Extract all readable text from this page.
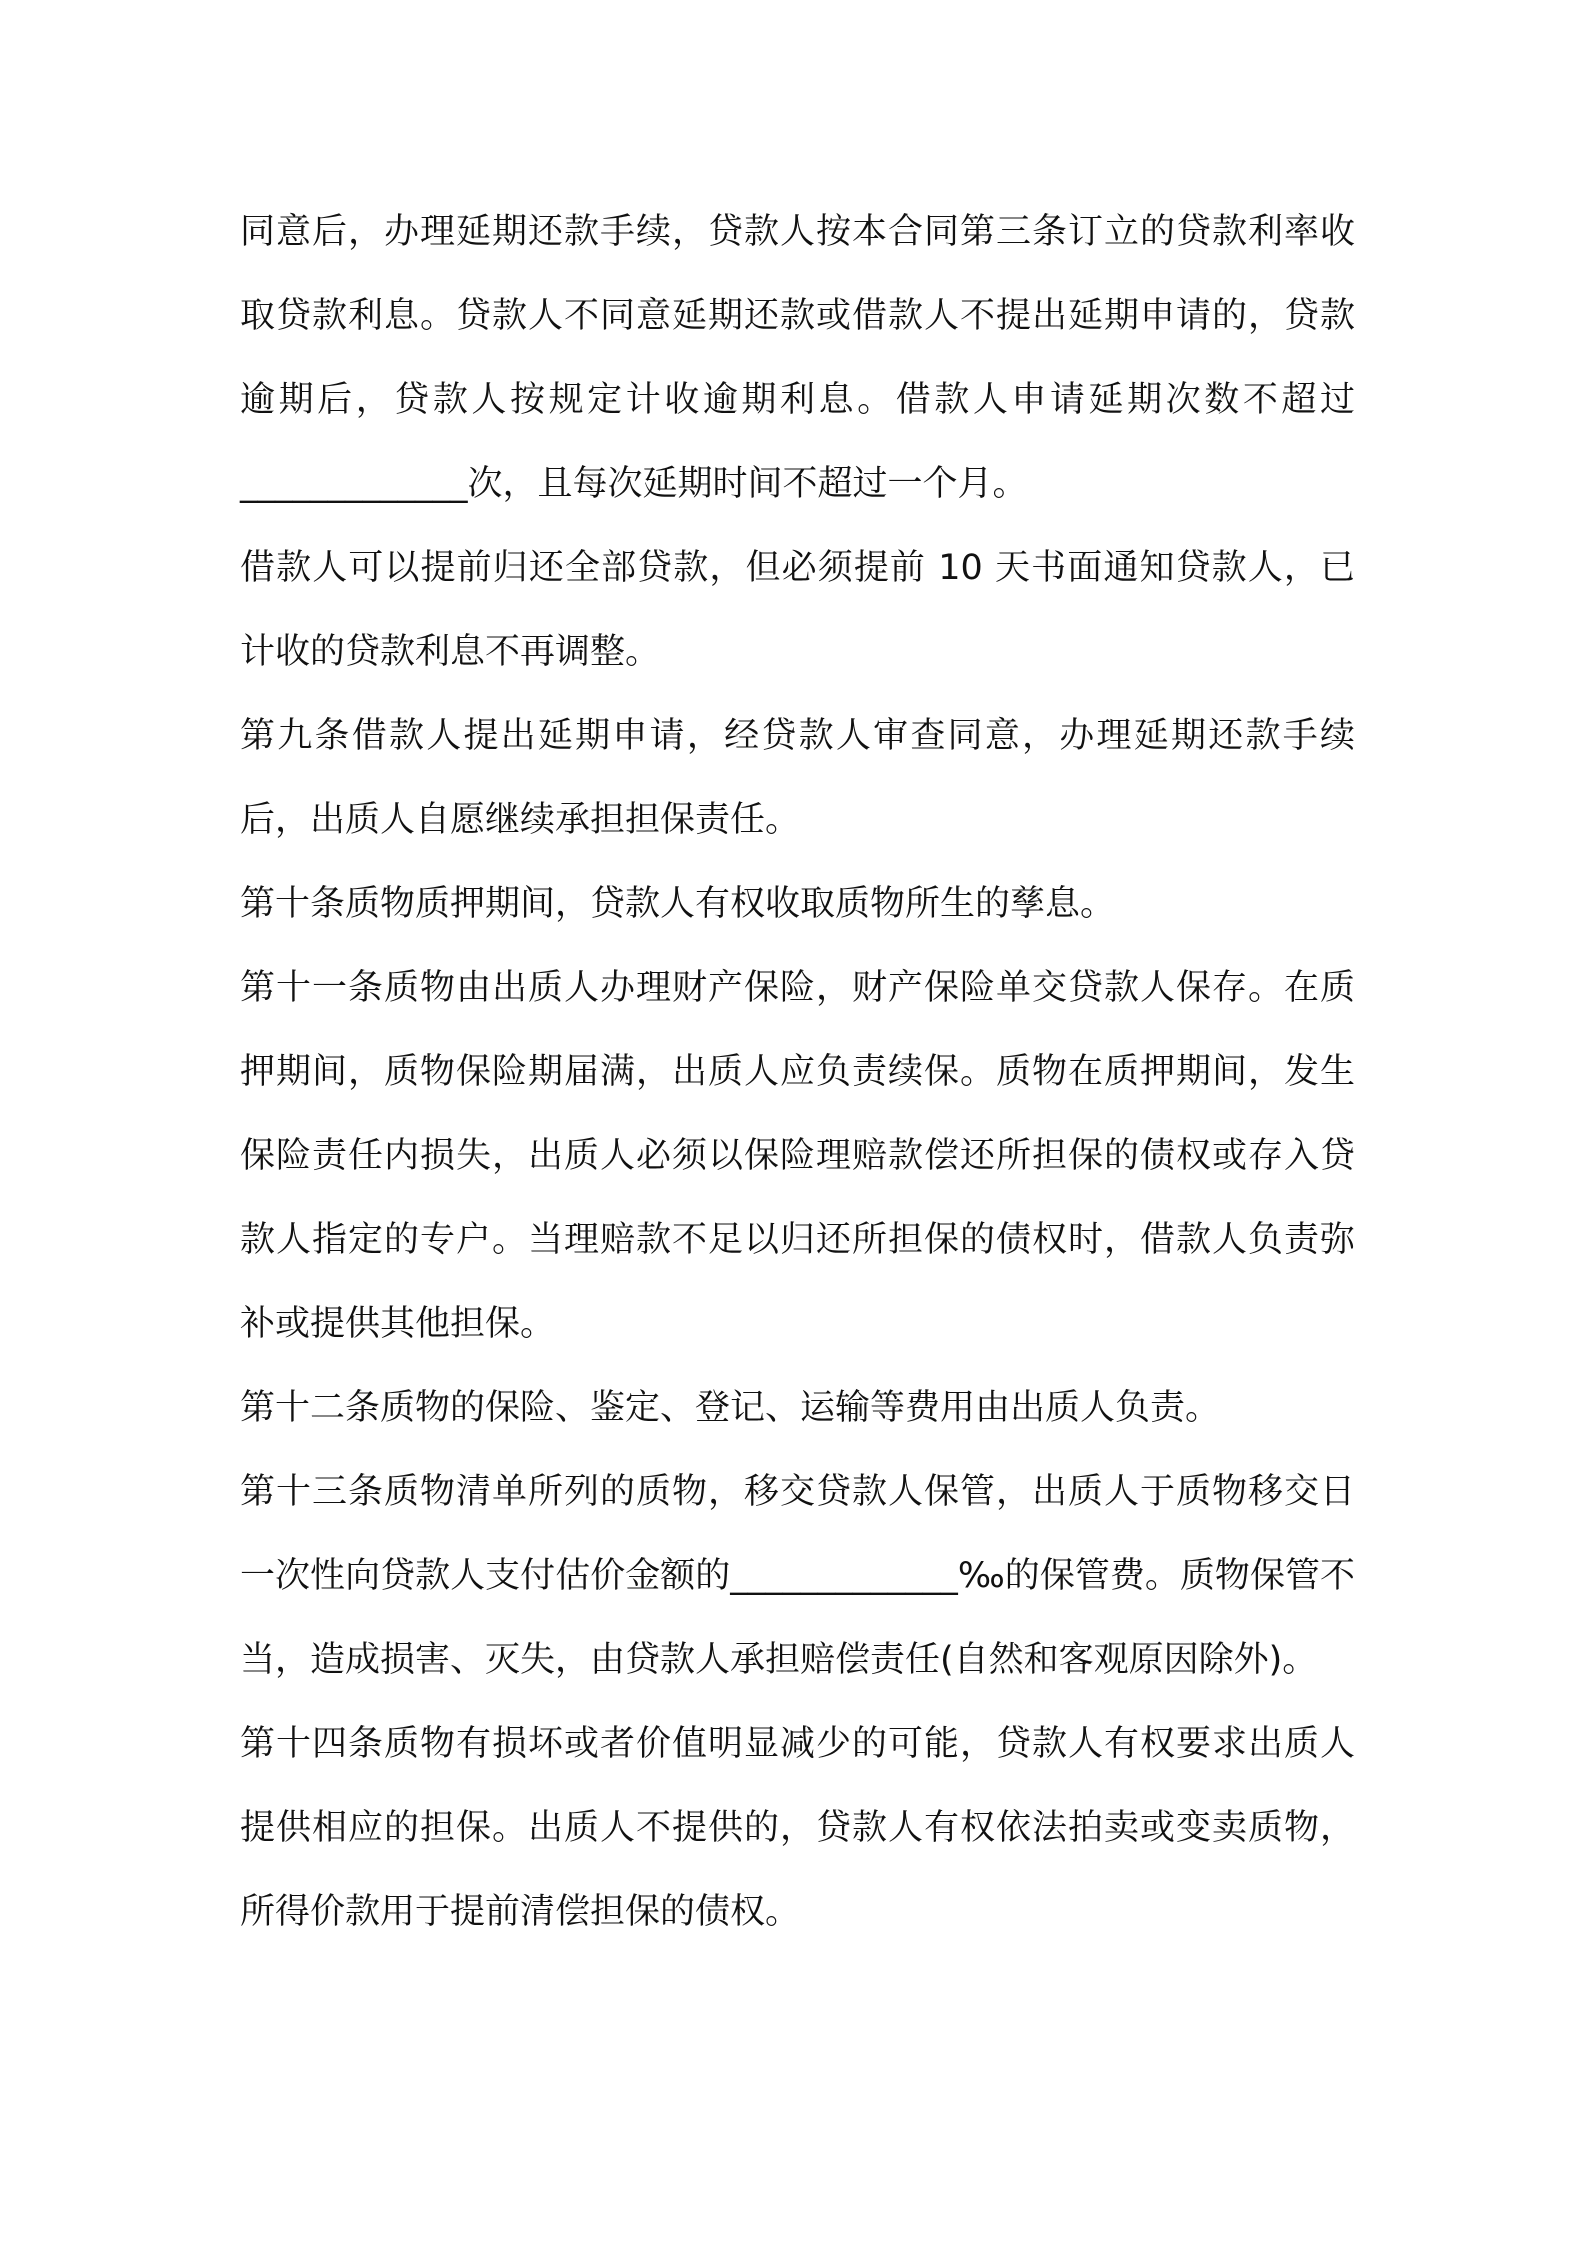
同意后，办理延期还款手续，贷款人按本合同第三条订立的贷款利率收取贷款利息。贷款人不同意延期还款或借款人不提出延期申请的，贷款逾期后，贷款人按规定计收逾期利息。借款人申请延期次数不超过_____________次，且每次延期时间不超过一个月。

借款人可以提前归还全部贷款，但必须提前 10 天书面通知贷款人，已计收的贷款利息不再调整。

第九条借款人提出延期申请，经贷款人审查同意，办理延期还款手续后，出质人自愿继续承担担保责任。

第十条质物质押期间，贷款人有权收取质物所生的孳息。

第十一条质物由出质人办理财产保险，财产保险单交贷款人保存。在质押期间，质物保险期届满，出质人应负责续保。质物在质押期间，发生保险责任内损失，出质人必须以保险理赔款偿还所担保的债权或存入贷款人指定的专户。当理赔款不足以归还所担保的债权时，借款人负责弥补或提供其他担保。

第十二条质物的保险、鉴定、登记、运输等费用由出质人负责。

第十三条质物清单所列的质物，移交贷款人保管，出质人于质物移交日一次性向贷款人支付估价金额的_____________‰的保管费。质物保管不当，造成损害、灭失，由贷款人承担赔偿责任(自然和客观原因除外)。

第十四条质物有损坏或者价值明显减少的可能，贷款人有权要求出质人提供相应的担保。出质人不提供的，贷款人有权依法拍卖或变卖质物，所得价款用于提前清偿担保的债权。
